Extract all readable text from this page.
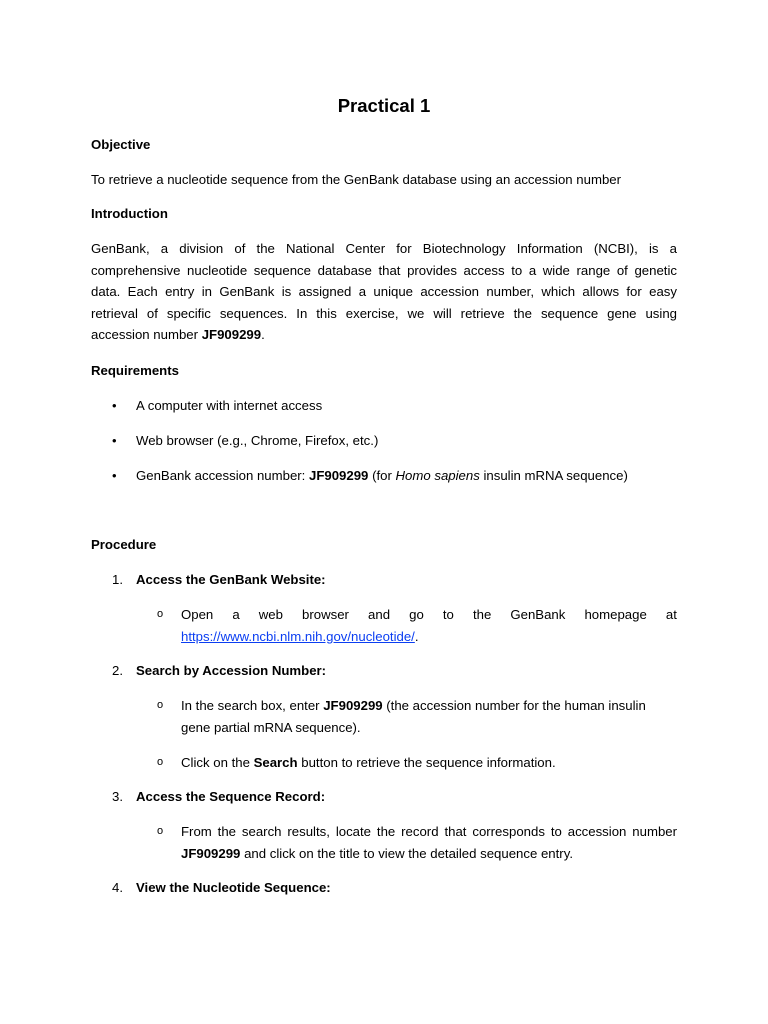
Practical 1
Objective
To retrieve a nucleotide sequence from the GenBank database using an accession number
Introduction
GenBank, a division of the National Center for Biotechnology Information (NCBI), is a
comprehensive nucleotide sequence database that provides access to a wide range of genetic
data. Each entry in GenBank is assigned a unique accession number, which allows for easy
retrieval of specific sequences. In this exercise, we will retrieve the sequence gene using
accession number JF909299.
Requirements
• A computer with internet access
• Web browser (e.g., Chrome, Firefox, etc.)
• GenBank accession number: JF909299 (for Homo sapiens insulin mRNA sequence)
Procedure
1. Access the GenBank Website:
o Open a web browser and go to the GenBank homepage at
https://www.ncbi.nlm.nih.gov/nucleotide/.
2. Search by Accession Number:
o In the search box, enter JF909299 (the accession number for the human insulin
gene partial mRNA sequence).
o Click on the Search button to retrieve the sequence information.
3. Access the Sequence Record:
o From the search results, locate the record that corresponds to accession number
JF909299 and click on the title to view the detailed sequence entry.
4. View the Nucleotide Sequence:
